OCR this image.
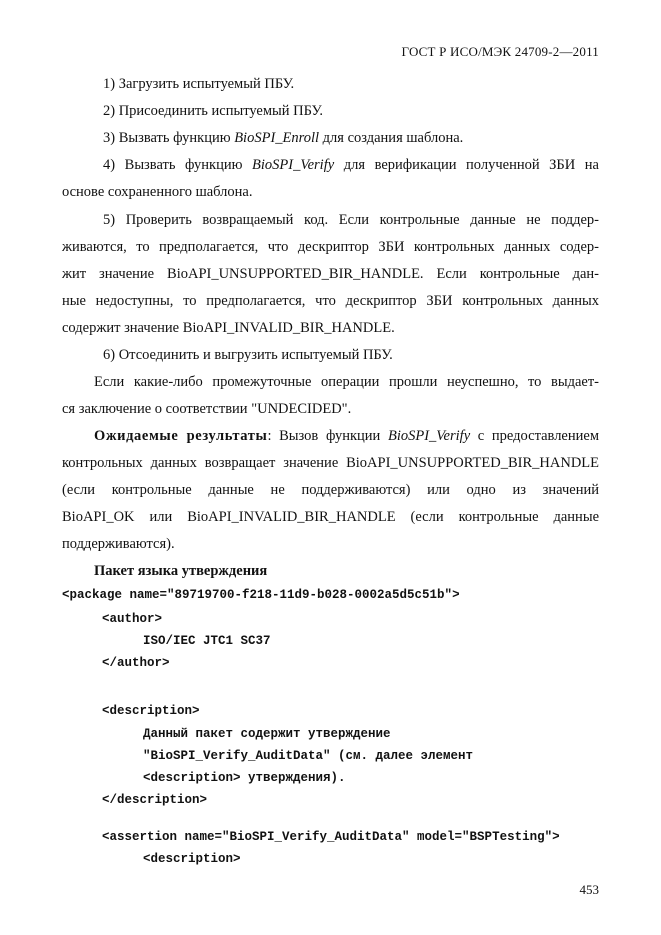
ГОСТ Р ИСО/МЭК 24709-2—2011
1) Загрузить испытуемый ПБУ.
2) Присоединить испытуемый ПБУ.
3) Вызвать функцию BioSPI_Enroll для создания шаблона.
4) Вызвать функцию BioSPI_Verify для верификации полученной ЗБИ на
основе сохраненного шаблона.
5) Проверить возвращаемый код. Если контрольные данные не поддер-
живаются, то предполагается, что дескриптор ЗБИ контрольных данных содер-
жит значение BioAPI_UNSUPPORTED_BIR_HANDLE. Если контрольные дан-
ные недоступны, то предполагается, что дескриптор ЗБИ контрольных данных
содержит значение BioAPI_INVALID_BIR_HANDLE.
6) Отсоединить и выгрузить испытуемый ПБУ.
Если какие-либо промежуточные операции прошли неуспешно, то выдает-
ся заключение о соответствии "UNDECIDED".
Ожидаемые результаты: Вызов функции BioSPI_Verify с предоставлением
контрольных данных возвращает значение BioAPI_UNSUPPORTED_BIR_HANDLE
(если контрольные данные не поддерживаются) или одно из значений
BioAPI_OK или BioAPI_INVALID_BIR_HANDLE (если контрольные данные
поддерживаются).
Пакет языка утверждения
<package name="89719700-f218-11d9-b028-0002a5d5c51b">
<author>
ISO/IEC JTC1 SC37
</author>
<description>
Данный пакет содержит утверждение
"BioSPI_Verify_AuditData" (см. далее элемент
<description> утверждения).
</description>
<assertion name="BioSPI_Verify_AuditData" model="BSPTesting">
<description>
453
